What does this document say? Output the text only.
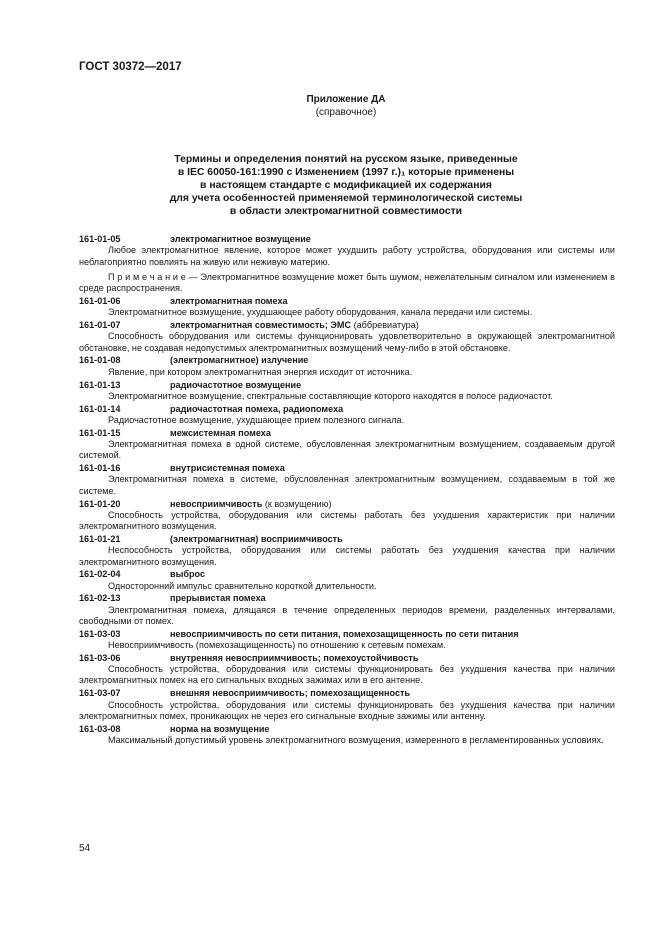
ГОСТ 30372—2017
Приложение ДА
(справочное)
Термины и определения понятий на русском языке, приведенные
в IEC 60050-161:1990 с Изменением (1997 г.)₁ которые применены
в настоящем стандарте с модификацией их содержания
для учета особенностей применяемой терминологической системы
в области электромагнитной совместимости
161-01-05	электромагнитное возмущение
Любое электромагнитное явление, которое может ухудшить работу устройства, оборудования или системы или неблагоприятно повлиять на живую или неживую материю.
П р и м е ч а н и е — Электромагнитное возмущение может быть шумом, нежелательным сигналом или изменением в среде распространения.
161-01-06	электромагнитная помеха
Электромагнитное возмущение, ухудшающее работу оборудования, канала передачи или системы.
161-01-07	электромагнитная совместимость; ЭМС (аббревиатура)
Способность оборудования или системы функционировать удовлетворительно в окружающей электромагнитной обстановке, не создавая недопустимых электромагнитных возмущений чему-либо в этой обстановке.
161-01-08	(электромагнитное) излучение
Явление, при котором электромагнитная энергия исходит от источника.
161-01-13	радиочастотное возмущение
Электромагнитное возмущение, спектральные составляющие которого находятся в полосе радиочастот.
161-01-14	радиочастотная помеха, радиопомеха
Радиочастотное возмущение, ухудшающее прием полезного сигнала.
161-01-15	межсистемная помеха
Электромагнитная помеха в одной системе, обусловленная электромагнитным возмущением, создаваемым другой системой.
161-01-16	внутрисистемная помеха
Электромагнитная помеха в системе, обусловленная электромагнитным возмущением, создаваемым в той же системе.
161-01-20	невосприимчивость (к возмущению)
Способность устройства, оборудования или системы работать без ухудшения характеристик при наличии электромагнитного возмущения.
161-01-21	(электромагнитная) восприимчивость
Неспособность устройства, оборудования или системы работать без ухудшения качества при наличии электромагнитного возмущения.
161-02-04	выброс
Односторонний импульс сравнительно короткой длительности.
161-02-13	прерывистая помеха
Электромагнитная помеха, длящаяся в течение определенных периодов времени, разделенных интервалами, свободными от помех.
161-03-03	невосприимчивость по сети питания, помехозащищенность по сети питания
Невосприимчивость (помехозащищенность) по отношению к сетевым помехам.
161-03-06	внутренняя невосприимчивость; помехоустойчивость
Способность устройства, оборудования или системы функционировать без ухудшения качества при наличии электромагнитных помех на его сигнальных входных зажимах или в его антенне.
161-03-07	внешняя невосприимчивость; помехозащищенность
Способность устройства, оборудования или системы функционировать без ухудшения качества при наличии электромагнитных помех, проникающих не через его сигнальные входные зажимы или антенну.
161-03-08	норма на возмущение
Максимальный допустимый уровень электромагнитного возмущения, измеренного в регламентированных условиях.
54
